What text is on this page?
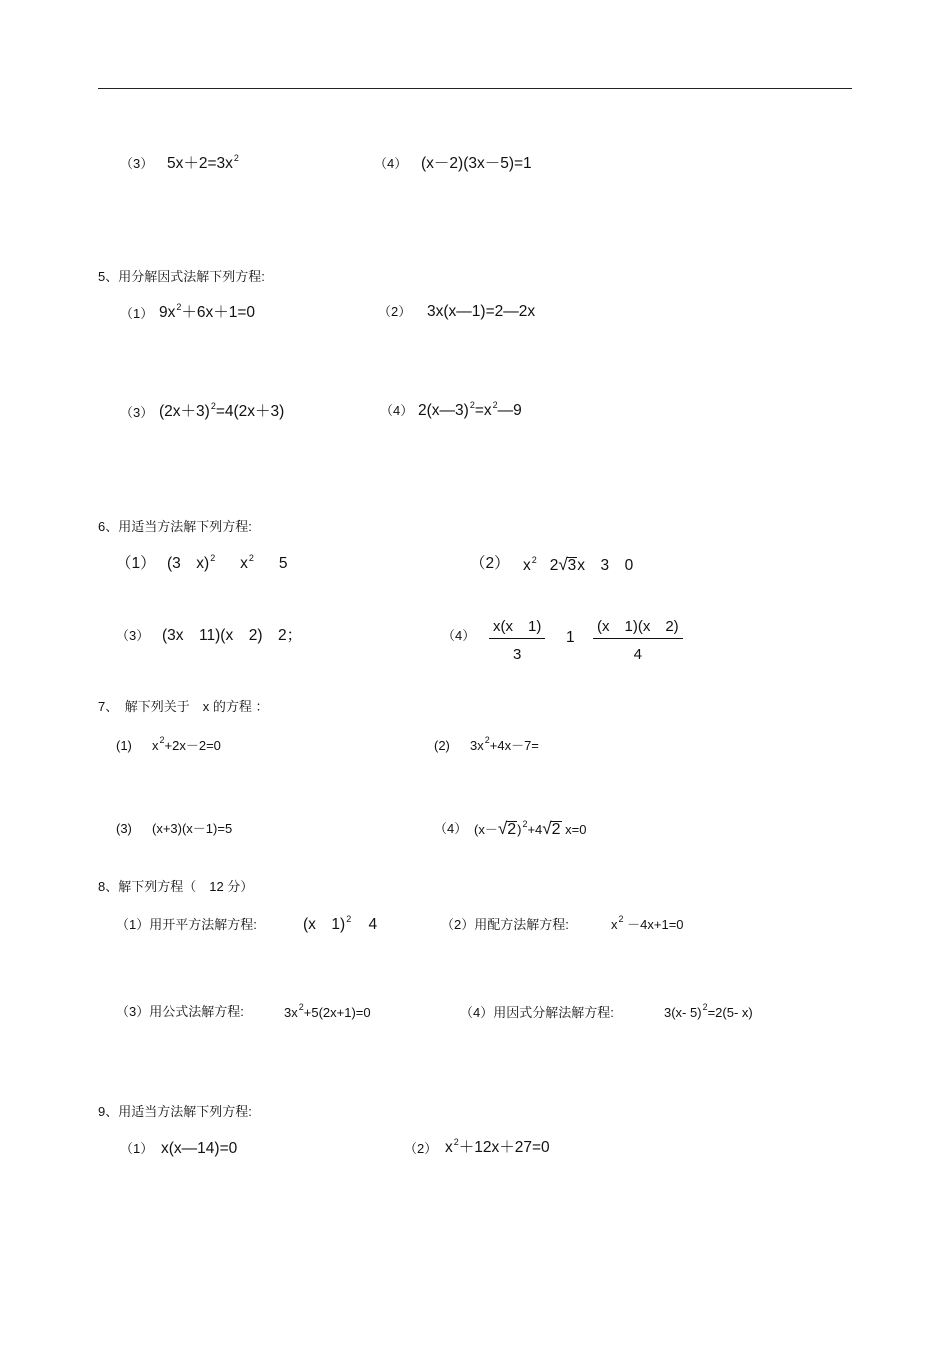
（3） $5x+2=3x^2$	（4） (x－2)(3x－5)=1
5、用分解因式法解下列方程:
（1） $9x^2+6x+1=0$	（2） 3x(x—1)=2—2x
（3） $(2x+3)^2=4(2x+3)$	（4） $2(x—3)^2=x^2—9$
6、用适当方法解下列方程:
（1） (3　x)$^2$ $x^2$ 5	（2） $x^2$ 2√3x　3　0
（3） (3x　11)(x　2)　2；	$(4) \frac{x(x 1)}{3} 1 \frac{(x 1)(x 2)}{4}$
7、　解下列关于　x 的方程 ：
(1) $x^2+2x-2=0$	(2) $3x^2+4x-7=$
(3) (x+3)(x－1)=5	（4） $(x-√2)^2+4√2$ x=0
8、解下列方程（　12 分）
（1）用开平方法解方程:	(x　1)$^2$ 4	（2）用配方法解方程:	$x^2 -4x+1=0$
（3）用公式法解方程:	$3x^2+5(2x+1)=0$	（4）用因式分解法解方程:	3(x- 5)$^2$=2(5- x)
9、用适当方法解下列方程:
（1） x(x—14)=0	（2） $x^2+12x+27=0$
